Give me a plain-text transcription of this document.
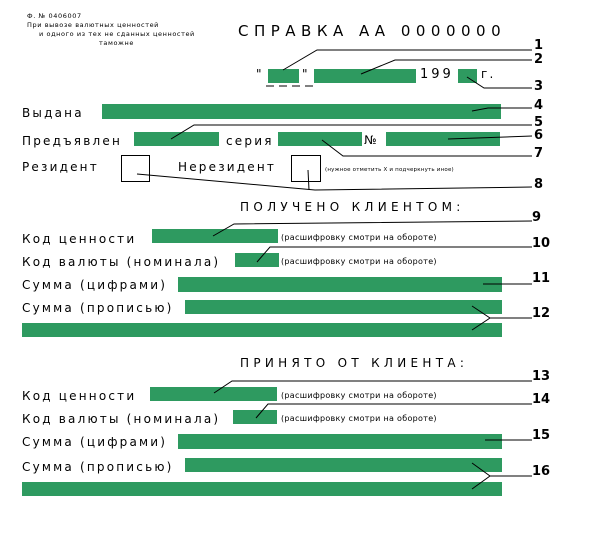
Ф. № 0406007
При вывозе валютных ценностей
и одного из тех не сданных ценностей
таможне
СПРАВКА АА 0000000
"	"	199 г.
Выдана
Предъявлен	серия	№
Резидент	Нерезидент	(нужное отметить Х и подчеркнуть иное)
ПОЛУЧЕНО КЛИЕНТОМ:
Код ценности	(расшифровку смотри на обороте)
Код валюты (номинала)	(расшифровку смотри на обороте)
Сумма (цифрами)
Сумма (прописью)
ПРИНЯТО ОТ КЛИЕНТА:
Код ценности	(расшифровку смотри на обороте)
Код валюты (номинала)	(расшифровку смотри на обороте)
Сумма (цифрами)
Сумма (прописью)
1
2
3
4
5
6
7
8
9
10
11
12
13
14
15
16
